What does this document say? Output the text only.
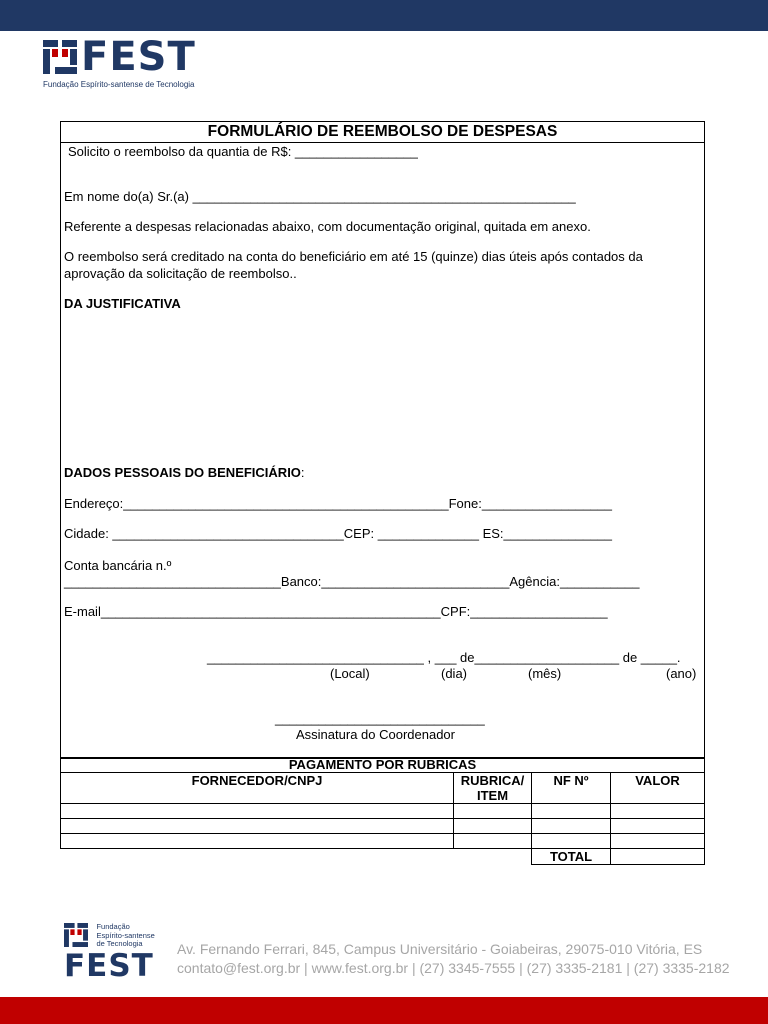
FEST
Fundação Espírito-santense de Tecnologia
FORMULÁRIO DE REEMBOLSO DE DESPESAS
Solicito o reembolso da quantia de R$: _________________
Em nome do(a) Sr.(a) _____________________________________________________
Referente a despesas relacionadas abaixo, com documentação original, quitada em anexo.
O reembolso será creditado na conta do beneficiário em até 15 (quinze) dias úteis após contados da
aprovação da solicitação de reembolso..
DA JUSTIFICATIVA
DADOS PESSOAIS DO BENEFICIÁRIO:
Endereço:_____________________________________________Fone:__________________
Cidade: ________________________________CEP: ______________ ES:_______________
Conta bancária n.º
______________________________Banco:__________________________Agência:___________
E-mail_______________________________________________CPF:___________________
______________________________ , ___ de____________________ de _____.
(Local)	(dia)	(mês)	(ano)
_____________________________
Assinatura do Coordenador
PAGAMENTO POR RUBRICAS			
FORNECEDOR/CNPJ	RUBRICA/ ITEM	NF Nº	VALOR

		TOTAL	

Fundação
Espírito-santense
de Tecnologia
FEST Av. Fernando Ferrari, 845, Campus Universitário - Goiabeiras, 29075-010 Vitória, ES
contato@fest.org.br | www.fest.org.br | (27) 3345-7555 | (27) 3335-2181 | (27) 3335-2182
